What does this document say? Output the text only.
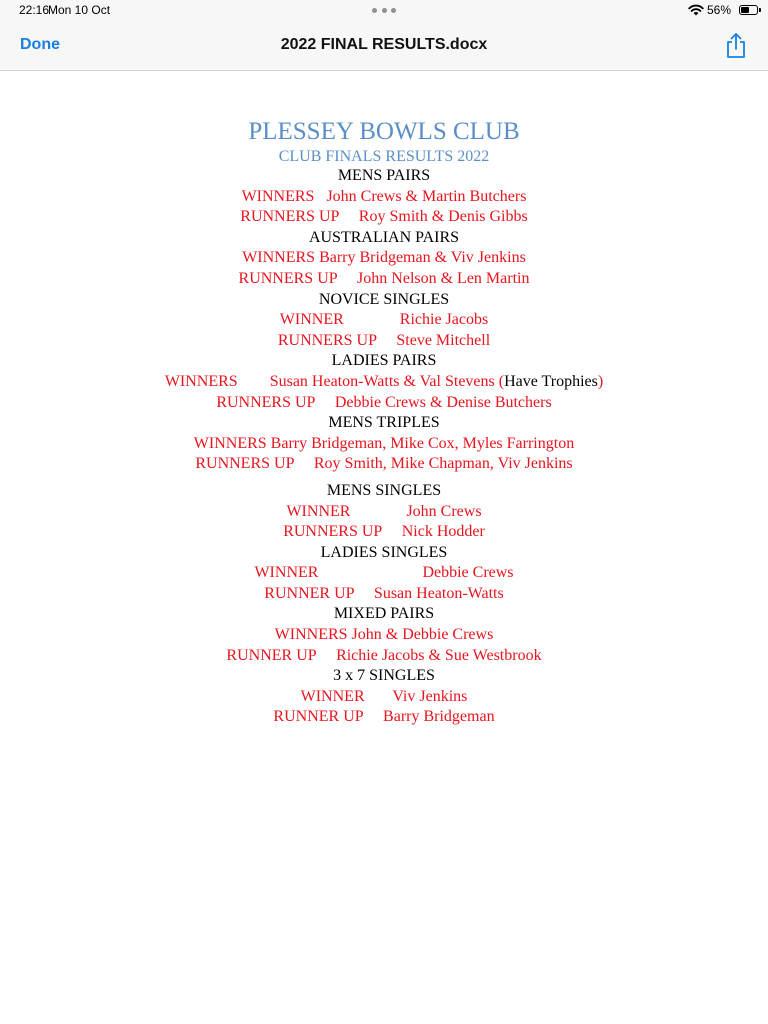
22:16
Mon 10 Oct	56%
Done	2022 FINAL RESULTS.docx
PLESSEY BOWLS CLUB
CLUB FINALS RESULTS 2022
MENS PAIRS
WINNERS   John Crews & Martin Butchers
RUNNERS UP     Roy Smith & Denis Gibbs
AUSTRALIAN PAIRS
WINNERS Barry Bridgeman & Viv Jenkins
RUNNERS UP     John Nelson & Len Martin
NOVICE SINGLES
WINNER              Richie Jacobs
RUNNERS UP     Steve Mitchell
LADIES PAIRS
WINNERS        Susan Heaton-Watts & Val Stevens (Have Trophies)
RUNNERS UP     Debbie Crews & Denise Butchers
MENS TRIPLES
WINNERS Barry Bridgeman, Mike Cox, Myles Farrington
RUNNERS UP     Roy Smith, Mike Chapman, Viv Jenkins
MENS SINGLES
WINNER              John Crews
RUNNERS UP     Nick Hodder
LADIES SINGLES
WINNER                          Debbie Crews
RUNNER UP     Susan Heaton-Watts
MIXED PAIRS
WINNERS John & Debbie Crews
RUNNER UP     Richie Jacobs & Sue Westbrook
3 x 7 SINGLES
WINNER       Viv Jenkins
RUNNER UP     Barry Bridgeman
